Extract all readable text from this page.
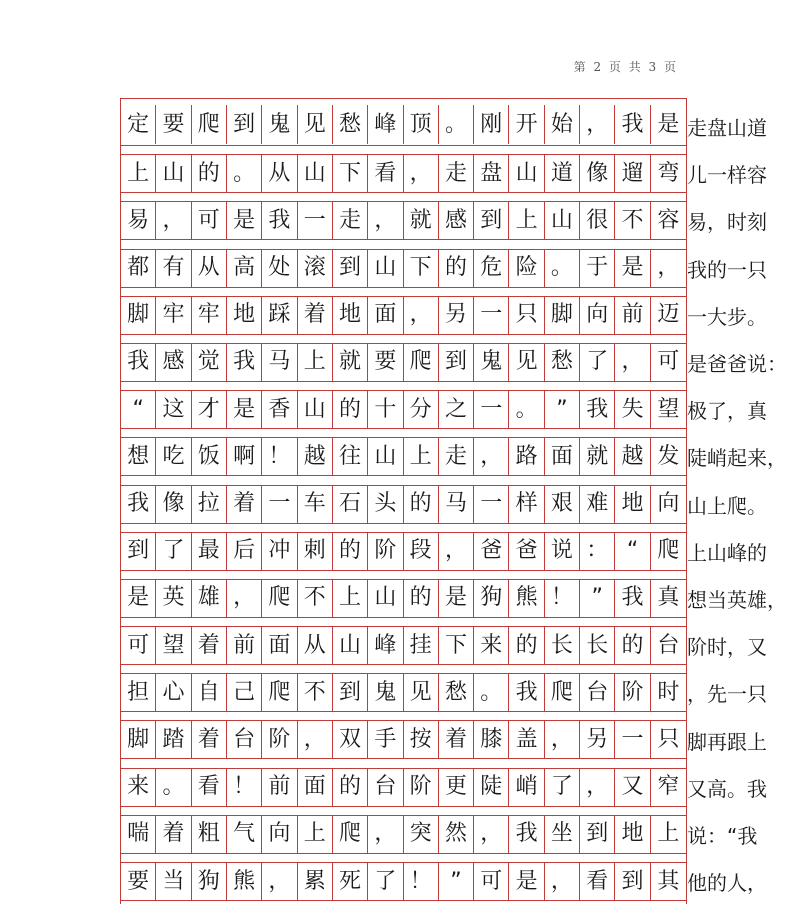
第 2 页 共 3 页
定 要 爬 到 鬼 见 愁 峰 顶 。 刚 开 始 ， 我 是
上 山 的 。 从 山 下 看 ， 走 盘 山 道 像 遛 弯
易 ， 可 是 我 一 走 ， 就 感 到 上 山 很 不 容
都 有 从 高 处 滚 到 山 下 的 危 险 。 于 是 ，
脚 牢 牢 地 踩 着 地 面 ， 另 一 只 脚 向 前 迈
我 感 觉 我 马 上 就 要 爬 到 鬼 见 愁 了 ， 可
“ 这 才 是 香 山 的 十 分 之 一 。 ” 我 失 望
想 吃 饭 啊 ！ 越 往 山 上 走 ， 路 面 就 越 发
我 像 拉 着 一 车 石 头 的 马 一 样 艰 难 地 向
到 了 最 后 冲 刺 的 阶 段 ， 爸 爸 说 ： “ 爬
是 英 雄 ， 爬 不 上 山 的 是 狗 熊 ！ ” 我 真
可 望 着 前 面 从 山 峰 挂 下 来 的 长 长 的 台
担 心 自 己 爬 不 到 鬼 见 愁 。 我 爬 台 阶 时
脚 踏 着 台 阶 ， 双 手 按 着 膝 盖 ， 另 一 只
来 。 看 ！ 前 面 的 台 阶 更 陡 峭 了 ， 又 窄
喘 着 粗 气 向 上 爬 ， 突 然 ， 我 坐 到 地 上
要 当 狗 熊 ， 累 死 了 ！ ” 可 是 ， 看 到 其
走盘山道
儿一样容
易，时刻
我的一只
一大步。
是爸爸说：
极了，真
陡峭起来，
山上爬。
上山峰的
想当英雄，
阶时，又
，先一只
脚再跟上
又高。我
说：“我
他的人，
